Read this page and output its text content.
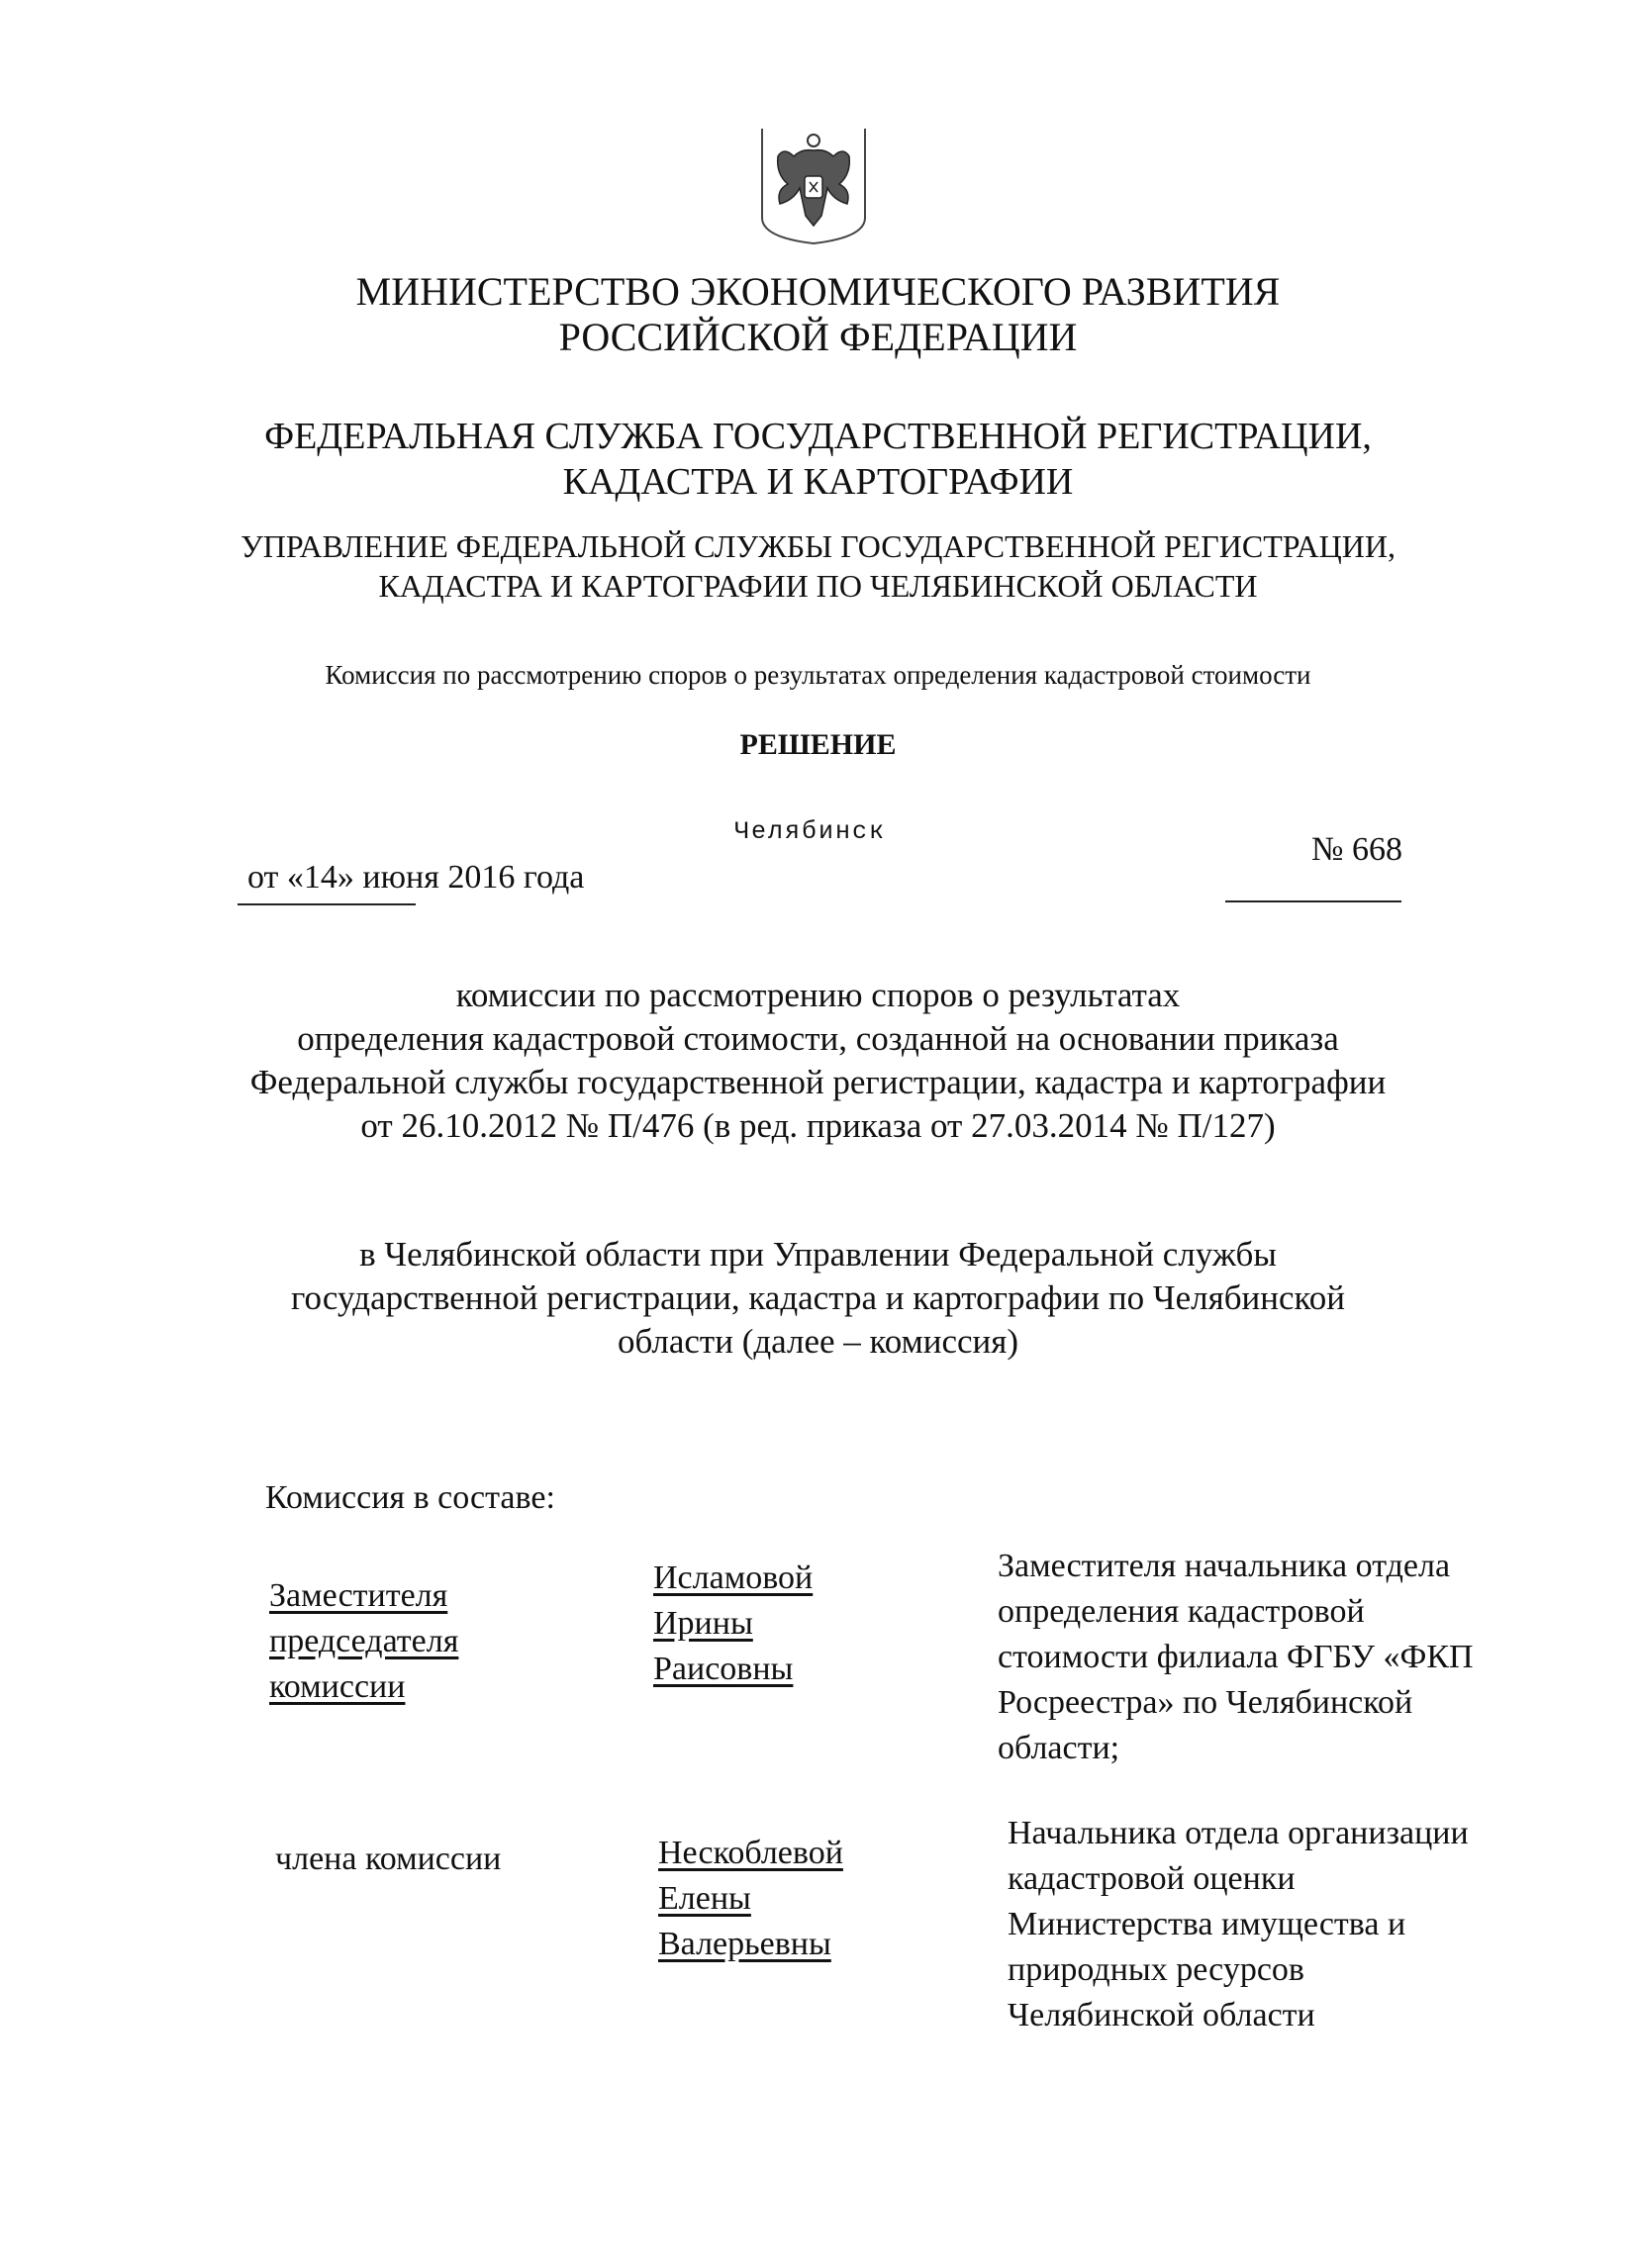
МИНИСТЕРСТВО ЭКОНОМИЧЕСКОГО РАЗВИТИЯ
РОССИЙСКОЙ ФЕДЕРАЦИИ
ФЕДЕРАЛЬНАЯ СЛУЖБА ГОСУДАРСТВЕННОЙ РЕГИСТРАЦИИ,
КАДАСТРА И КАРТОГРАФИИ
УПРАВЛЕНИЕ ФЕДЕРАЛЬНОЙ СЛУЖБЫ ГОСУДАРСТВЕННОЙ РЕГИСТРАЦИИ,
КАДАСТРА И КАРТОГРАФИИ ПО ЧЕЛЯБИНСКОЙ ОБЛАСТИ
Комиссия по рассмотрению споров о результатах определения кадастровой стоимости
РЕШЕНИЕ
Челябинск
от «14» июня 2016 года
№ 668
комиссии по рассмотрению споров о результатах
определения кадастровой стоимости, созданной на основании приказа
Федеральной службы государственной регистрации, кадастра и картографии
от 26.10.2012 № П/476 (в ред. приказа от 27.03.2014 № П/127)
в Челябинской области при Управлении Федеральной службы
государственной регистрации, кадастра и картографии по Челябинской
области (далее – комиссия)
Комиссия в составе:
Заместителя
председателя
комиссии
Исламовой
Ирины
Раисовны
Заместителя начальника отдела
определения кадастровой
стоимости филиала ФГБУ «ФКП
Росреестра» по Челябинской
области;
члена комиссии	Нескоблевой
Елены
Валерьевны
Начальника отдела организации
кадастровой оценки
Министерства имущества и
природных ресурсов
Челябинской области
